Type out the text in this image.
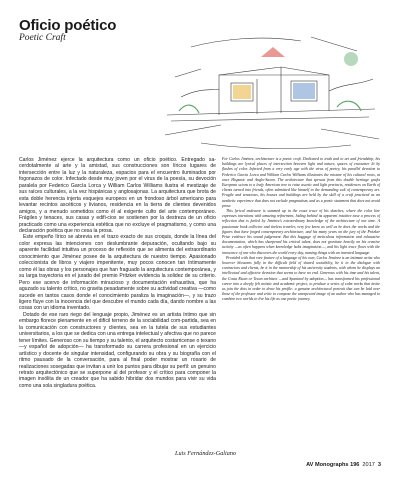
Oficio poético
Poetic Craft

Carlos Jiménez ejerce la arquitectura como un oficio poético. Entregado sa-cerdotalmente al arte y la amistad, sus construcciones son líricos lugares de intersección entre la luz y la naturaleza, espacios para el encuentro iluminados por fogonazos de color. Infectado desde muy joven por el virus de la poesía, su devoción paralela por Federico García Lorca y William Carlos Williams ilustra el mestizaje de sus raíces culturales, a la vez hispánicas y anglosajonas. La arquitectura que brota de esta doble herencia injerta esquejes europeos en un frondoso árbol americano para levantar recintos ascéticos y livianos, residencia en la tierra de clientes devenidos amigos, y a menudo sometidos como él al exigente culto del arte contemporáneo. Frágiles y tenaces, sus casas y edifi-cios se sostienen por la destreza de un oficio practicado como una experiencia estética que no excluye el pragmatismo, y como una declaración poética que no cesa la prosa.

Este empeño lírico se abrevia en el trazo exacto de sus croquis, donde la línea del color expresa las intenciones con deslumbrante depuración, ocultando bajo su aparente facilidad intuitiva un proceso de reflexión que se alimenta del extraordinario conocimiento que Jiménez posee de la arquitectura de nuestro tiempo. Apasionado coleccionista de libros y viajero impenitente, muy pocos conocen tan íntimamente como él las obras y los personajes que han fraguado la arquitectura contemporánea, y su larga trayectoria en el jurado del premio Pritzker evidencia la solidez de su criterio. Pero ese acervo de información minucioso y documentación exhaustiva, que ha aguzado su talento crítico, no gravita pesadamente sobre su actividad creativa —como sucede en tantos casos donde el conocimiento paraliza la imaginación—, y su trazo ligero fluye con la inocencia del que descubre el mundo cada día, dando nombre a las cosas con un idioma inventado.

Dotado de ese raro riego del lenguaje propio, Jiménez es un artista íntimo que sin embargo florece plenamente en el difícil terreno de la sociabilidad com-partida, sea en la comunicación con constructores y clientes, sea en la tutela de sus estudiantes universitarios, a los que se dedica con una entrega intelectual y afectiva que no parece tener límites. Generoso con su tiempo y su talento, el arquitecto costarricense o texano —y español de adopción— ha transformado su carrera profesional en un ejercicio artístico y docente de singular intensidad, configurando su obra y su biografía con el ritmo pausado de la conversación, para al final poder mostrar un rosario de realizaciones sosegadas que invitan a unir los puntos para dibujar su perfil: un genuino retrato arquitectónico que se superpone al del profesor y el crítico para componer la imagen insólita de un creador que ha sabido hibridar dos mundos para vivir su vida como una sola singladura poética.

For Carlos Jiménez, architecture is a poetic craft. Dedicated to truth and to art and friendship, his buildings are lyrical places of intersection between light and nature, spaces of encounter lit by flashes of color. Infected from a very early age with the virus of poetry, his parallel devotion to Federico García Lorca and William Carlos Williams illustrates the mixture of his cultural roots, at once Hispanic and Anglo-Saxon. The architecture that sprouts from this double heritage grafts European scions to a leafy American tree to raise ascetic and light precincts, residences on Earth of clients turned into friends, often submitted like himself to the demanding cult of contemporary art. Fragile and tenacious, his houses and buildings are held by the skill of a craft practiced as an aesthetic experience that does not exclude pragmatism, and as a poetic statement that does not avoid prose.

This lyrical endeavor is summed up in the exact trace of his sketches, where the color line expresses intentions with amazing refinement, hiding behind its apparent intuitive ease a process of reflection that is fueled by Jiménez's extraordinary knowledge of the architecture of our time. A passionate book collector and tireless traveler, very few know as well as he does the works and the figures that have forged contemporary architecture, and his many years on the jury of the Pritzker Prize evidence his sound judgement. But this baggage of meticulous information and exhaustive documentation, which has sharpened his critical talent, does not gravitate heavily on his creative activity —as often happens when knowledge halts imagination—, and his light trace flows with the innocence of one who discovers the world every day, naming things with an invented language.

Provided with that rare feature of a language of his own, Carlos Jiménez is an intimate artist who however blossoms fully in the difficult field of shared sociability, be it in the dialogue with contractors and clients, be it in the mentorship of his university students, with whom he displays an intellectual and affective devotion that seems to have no end. Generous with his time and his talent, the Costa Rican or Texan architect —and Spaniard by adoption— has transformed his professional career into a deeply felt artistic and academic project, to produce a series of calm works that invite us join the dots in order to draw his profile: a genuine architectural portrait that can be laid over those of the professor and critic to compose the unexpected image of an author who has managed to combine two worlds to live his life as one poetic journey.

Luis Fernández-Galiano
AV Monographs 196 2017 3
